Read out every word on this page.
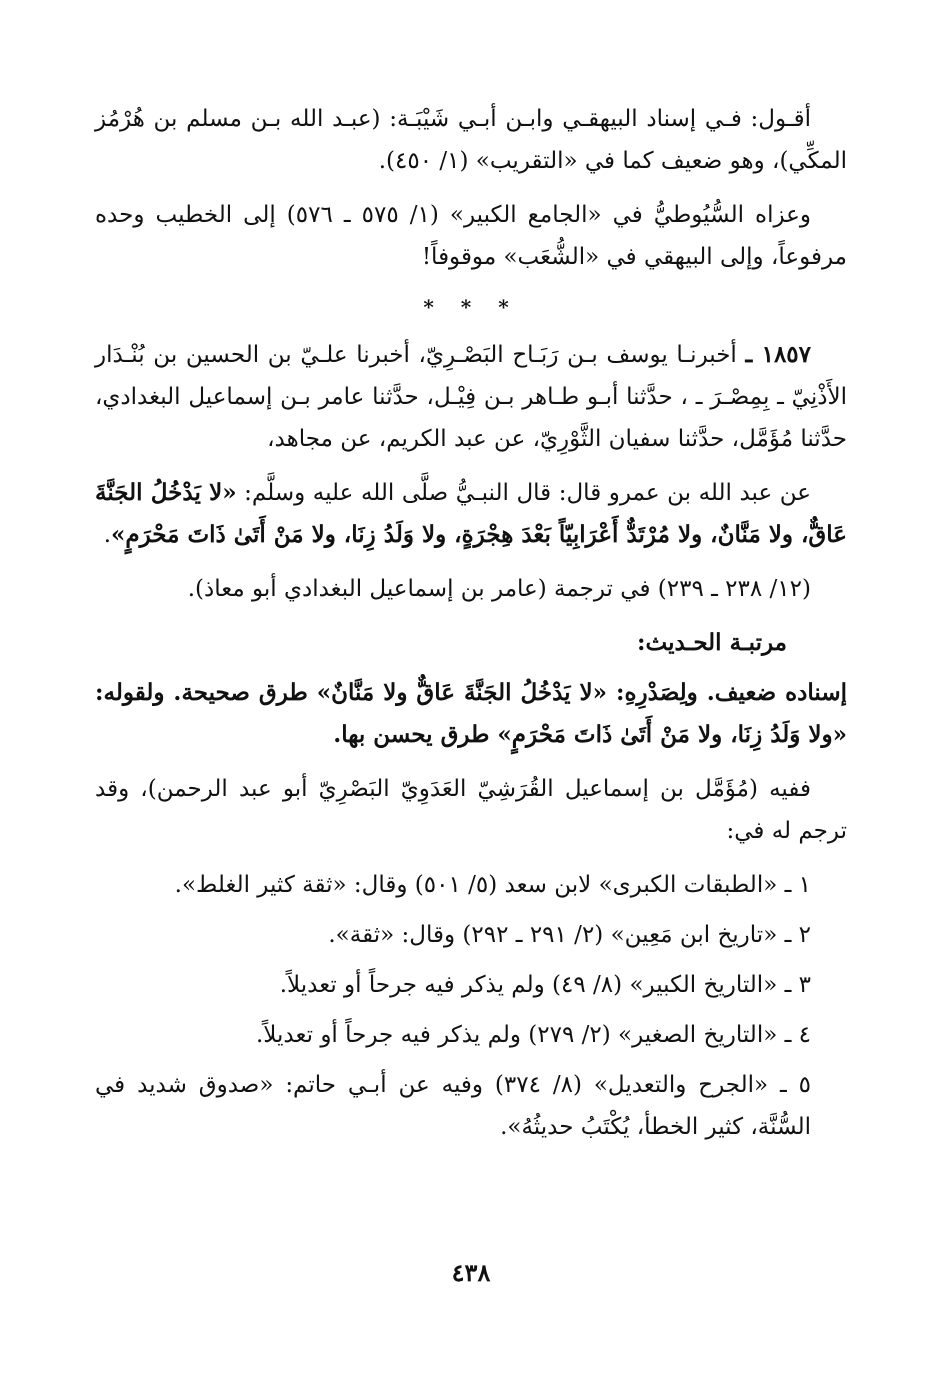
أقـول: فـي إسناد البيهقـي وابـن أبـي شَيْبَـة: (عبـد الله بـن مسلم بن هُرْمُز المكِّي)، وهو ضعيف كما في «التقريب» (١/ ٤٥٠).

وعزاه السُّيُوطيُّ في «الجامع الكبير» (١/ ٥٧٥ ـ ٥٧٦) إلى الخطيب وحده مرفوعاً، وإلى البيهقي في «الشُّعَب» موقوفاً!

* * *

١٨٥٧ ـ أخبرنـا يوسف بـن رَبَـاح البَصْـرِيّ، أخبرنا علـيّ بن الحسين بن بُنْـدَار الأَذْنِيّ ـ بِمِصْـرَ ـ ، حدَّثنا أبـو طـاهر بـن فِيْـل، حدَّثنا عامر بـن إسماعيل البغدادي، حدَّثنا مُؤَمَّل، حدَّثنا سفيان الثَّوْرِيّ، عن عبد الكريم، عن مجاهد،

عن عبد الله بن عمرو قال: قال النبـيُّ صلَّى الله عليه وسلَّم: «لا يَدْخُلُ الجَنَّةَ عَاقٌّ، ولا مَنَّانٌ، ولا مُرْتَدٌّ أَعْرَابِيّاً بَعْدَ هِجْرَةٍ، ولا وَلَدُ زِنَا، ولا مَنْ أَتَىٰ ذَاتَ مَحْرَمٍ».

(١٢/ ٢٣٨ ـ ٢٣٩) في ترجمة (عامر بن إسماعيل البغدادي أبو معاذ).

مرتبـة الحـديث:

إسناده ضعيف. ولِصَدْرِهِ: «لا يَدْخُلُ الجَنَّةَ عَاقٌّ ولا مَنَّانٌ» طرق صحيحة. ولقوله: «ولا وَلَدُ زِنَا، ولا مَنْ أَتَىٰ ذَاتَ مَحْرَمٍ» طرق يحسن بها.

ففيه (مُؤَمَّل بن إسماعيل القُرَشِيّ العَدَوِيّ البَصْرِيّ أبو عبد الرحمن)، وقد ترجم له في:

١ ـ «الطبقات الكبرى» لابن سعد (٥/ ٥٠١) وقال: «ثقة كثير الغلط».
٢ ـ «تاريخ ابن مَعِين» (٢/ ٢٩١ ـ ٢٩٢) وقال: «ثقة».
٣ ـ «التاريخ الكبير» (٨/ ٤٩) ولم يذكر فيه جرحاً أو تعديلاً.
٤ ـ «التاريخ الصغير» (٢/ ٢٧٩) ولم يذكر فيه جرحاً أو تعديلاً.
٥ ـ «الجرح والتعديل» (٨/ ٣٧٤) وفيه عن أبـي حاتم: «صدوق شديد في السُّنَّة، كثير الخطأ، يُكْتَبُ حديثُهُ».
٤٣٨
